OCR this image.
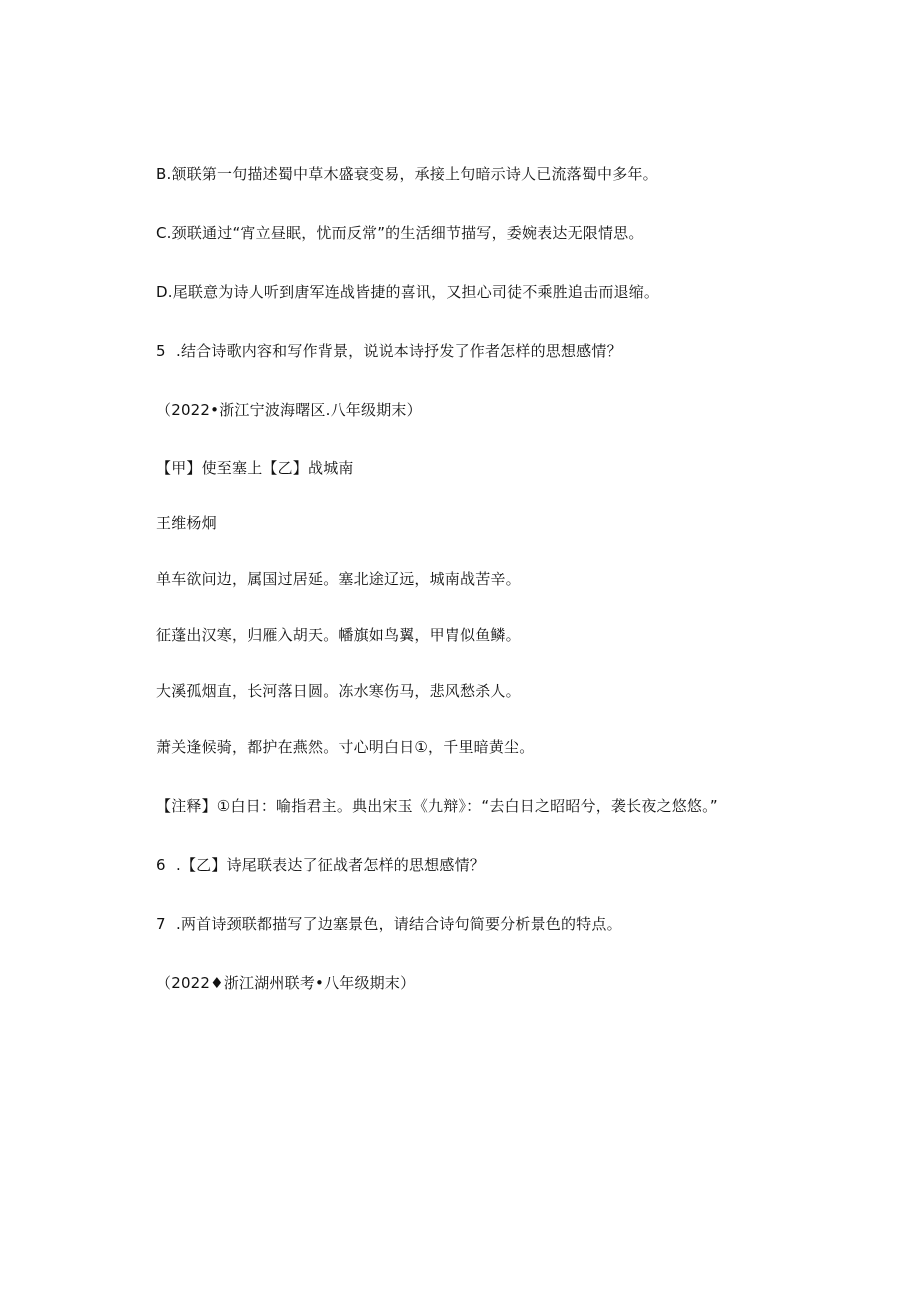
B.颔联第一句描述蜀中草木盛衰变易，承接上句暗示诗人已流落蜀中多年。
C.颈联通过“宵立昼眠，忧而反常”的生活细节描写，委婉表达无限情思。
D.尾联意为诗人听到唐军连战皆捷的喜讯，又担心司徒不乘胜追击而退缩。
5 .结合诗歌内容和写作背景，说说本诗抒发了作者怎样的思想感情？
（2022•浙江宁波海曙区.八年级期末）
【甲】使至塞上【乙】战城南
王维杨炯
单车欲问边，属国过居延。塞北途辽远，城南战苦辛。
征蓬出汉寒，归雁入胡天。幡旗如鸟翼，甲胄似鱼鳞。
大溪孤烟直，长河落日圆。冻水寒伤马，悲风愁杀人。
萧关逢候骑，都护在燕然。寸心明白日①，千里暗黄尘。
【注释】①白日：喻指君主。典出宋玉《九辩》：“去白日之昭昭兮，袭长夜之悠悠。”
6 .【乙】诗尾联表达了征战者怎样的思想感情？
7 .两首诗颈联都描写了边塞景色，请结合诗句简要分析景色的特点。
（2022♦浙江湖州联考•八年级期末）
